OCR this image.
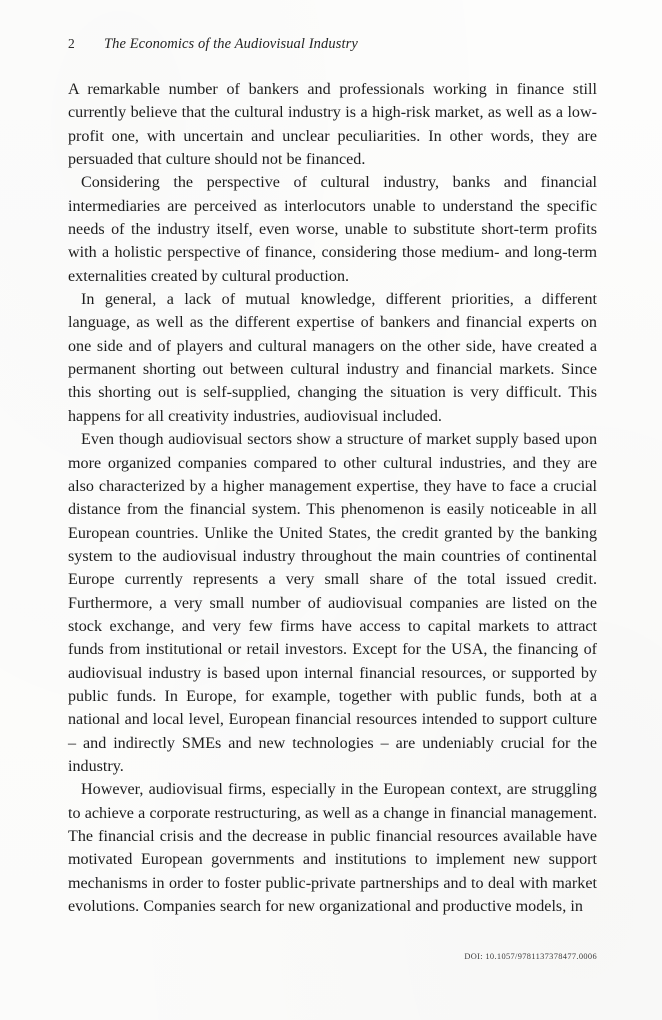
2 The Economics of the Audiovisual Industry

A remarkable number of bankers and professionals working in finance still currently believe that the cultural industry is a high-risk market, as well as a low-profit one, with uncertain and unclear peculiarities. In other words, they are persuaded that culture should not be financed.

Considering the perspective of cultural industry, banks and financial intermediaries are perceived as interlocutors unable to understand the specific needs of the industry itself, even worse, unable to substitute short-term profits with a holistic perspective of finance, considering those medium- and long-term externalities created by cultural production.

In general, a lack of mutual knowledge, different priorities, a different language, as well as the different expertise of bankers and financial experts on one side and of players and cultural managers on the other side, have created a permanent shorting out between cultural industry and financial markets. Since this shorting out is self-supplied, changing the situation is very difficult. This happens for all creativity industries, audiovisual included.

Even though audiovisual sectors show a structure of market supply based upon more organized companies compared to other cultural industries, and they are also characterized by a higher management expertise, they have to face a crucial distance from the financial system. This phenomenon is easily noticeable in all European countries. Unlike the United States, the credit granted by the banking system to the audiovisual industry throughout the main countries of continental Europe currently represents a very small share of the total issued credit. Furthermore, a very small number of audiovisual companies are listed on the stock exchange, and very few firms have access to capital markets to attract funds from institutional or retail investors. Except for the USA, the financing of audiovisual industry is based upon internal financial resources, or supported by public funds. In Europe, for example, together with public funds, both at a national and local level, European financial resources intended to support culture – and indirectly SMEs and new technologies – are undeniably crucial for the industry.

However, audiovisual firms, especially in the European context, are struggling to achieve a corporate restructuring, as well as a change in financial management. The financial crisis and the decrease in public financial resources available have motivated European governments and institutions to implement new support mechanisms in order to foster public-private partnerships and to deal with market evolutions. Companies search for new organizational and productive models, in

DOI: 10.1057/9781137378477.0006
